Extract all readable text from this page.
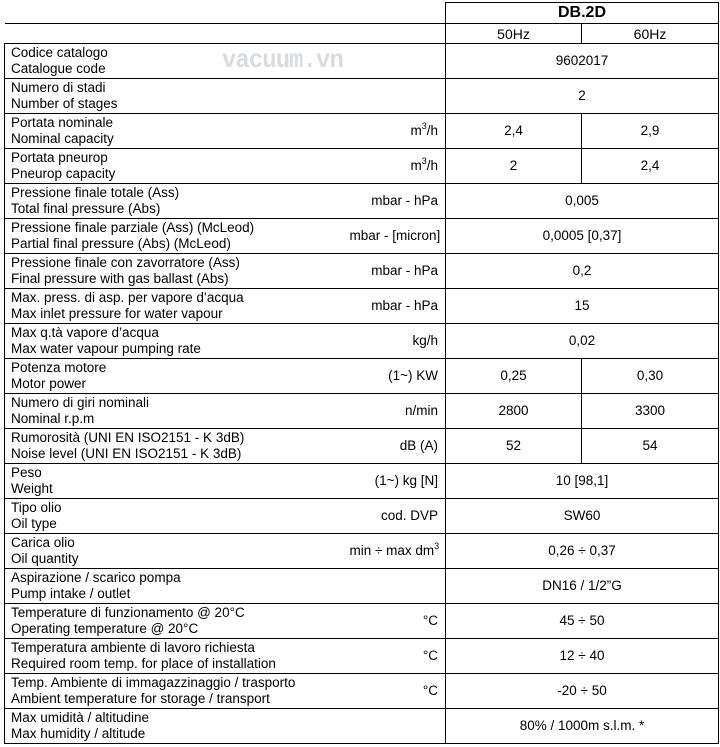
vacuum.vn
		DB.2D	
		50Hz	60Hz

Codice catalogo
Catalogue code		9602017	

Numero di stadi
Number of stages		2	

Portata nominale
Nominal capacity	$m^3/h$	2,4	2,9

Portata pneurop
Pneurop capacity	$m^3/h$	2	2,4

Pressione finale totale (Ass)
Total final pressure (Abs)	mbar - hPa	0,005	

Pressione finale parziale (Ass) (McLeod)
Partial final pressure (Abs) (McLeod)	mbar - [micron]	0,0005 [0,37]	

Pressione finale con zavorratore (Ass)
Final pressure with gas ballast (Abs)	mbar - hPa	0,2	

Max. press. di asp. per vapore d’acqua
Max inlet pressure for water vapour	mbar - hPa	15	

Max q.tà vapore d’acqua
Max water vapour pumping rate	kg/h	0,02	

Potenza motore
Motor power	(1~) KW	0,25	0,30

Numero di giri nominali
Nominal r.p.m	n/min	2800	3300

Rumorosità (UNI EN ISO2151 - K 3dB)
Noise level (UNI EN ISO2151 - K 3dB)	dB (A)	52	54

Peso
Weight	(1~) kg [N]	10 [98,1]	

Tipo olio
Oil type	cod. DVP	SW60	

Carica olio
Oil quantity	$\min \div \max dm^3$	0,26 ÷ 0,37	

Aspirazione / scarico pompa
Pump intake / outlet		DN16 / 1/2”G	

Temperature di funzionamento @ 20°C
Operating temperature @ 20°C	°C	45 ÷ 50	

Temperatura ambiente di lavoro richiesta
Required room temp. for place of installation	°C	12 ÷ 40	

Temp. Ambiente di immagazzinaggio / trasporto
Ambient temperature for storage / transport	°C	-20 ÷ 50	

Max umidità / altitudine
Max humidity / altitude		80% / 1000m s.l.m. *	
